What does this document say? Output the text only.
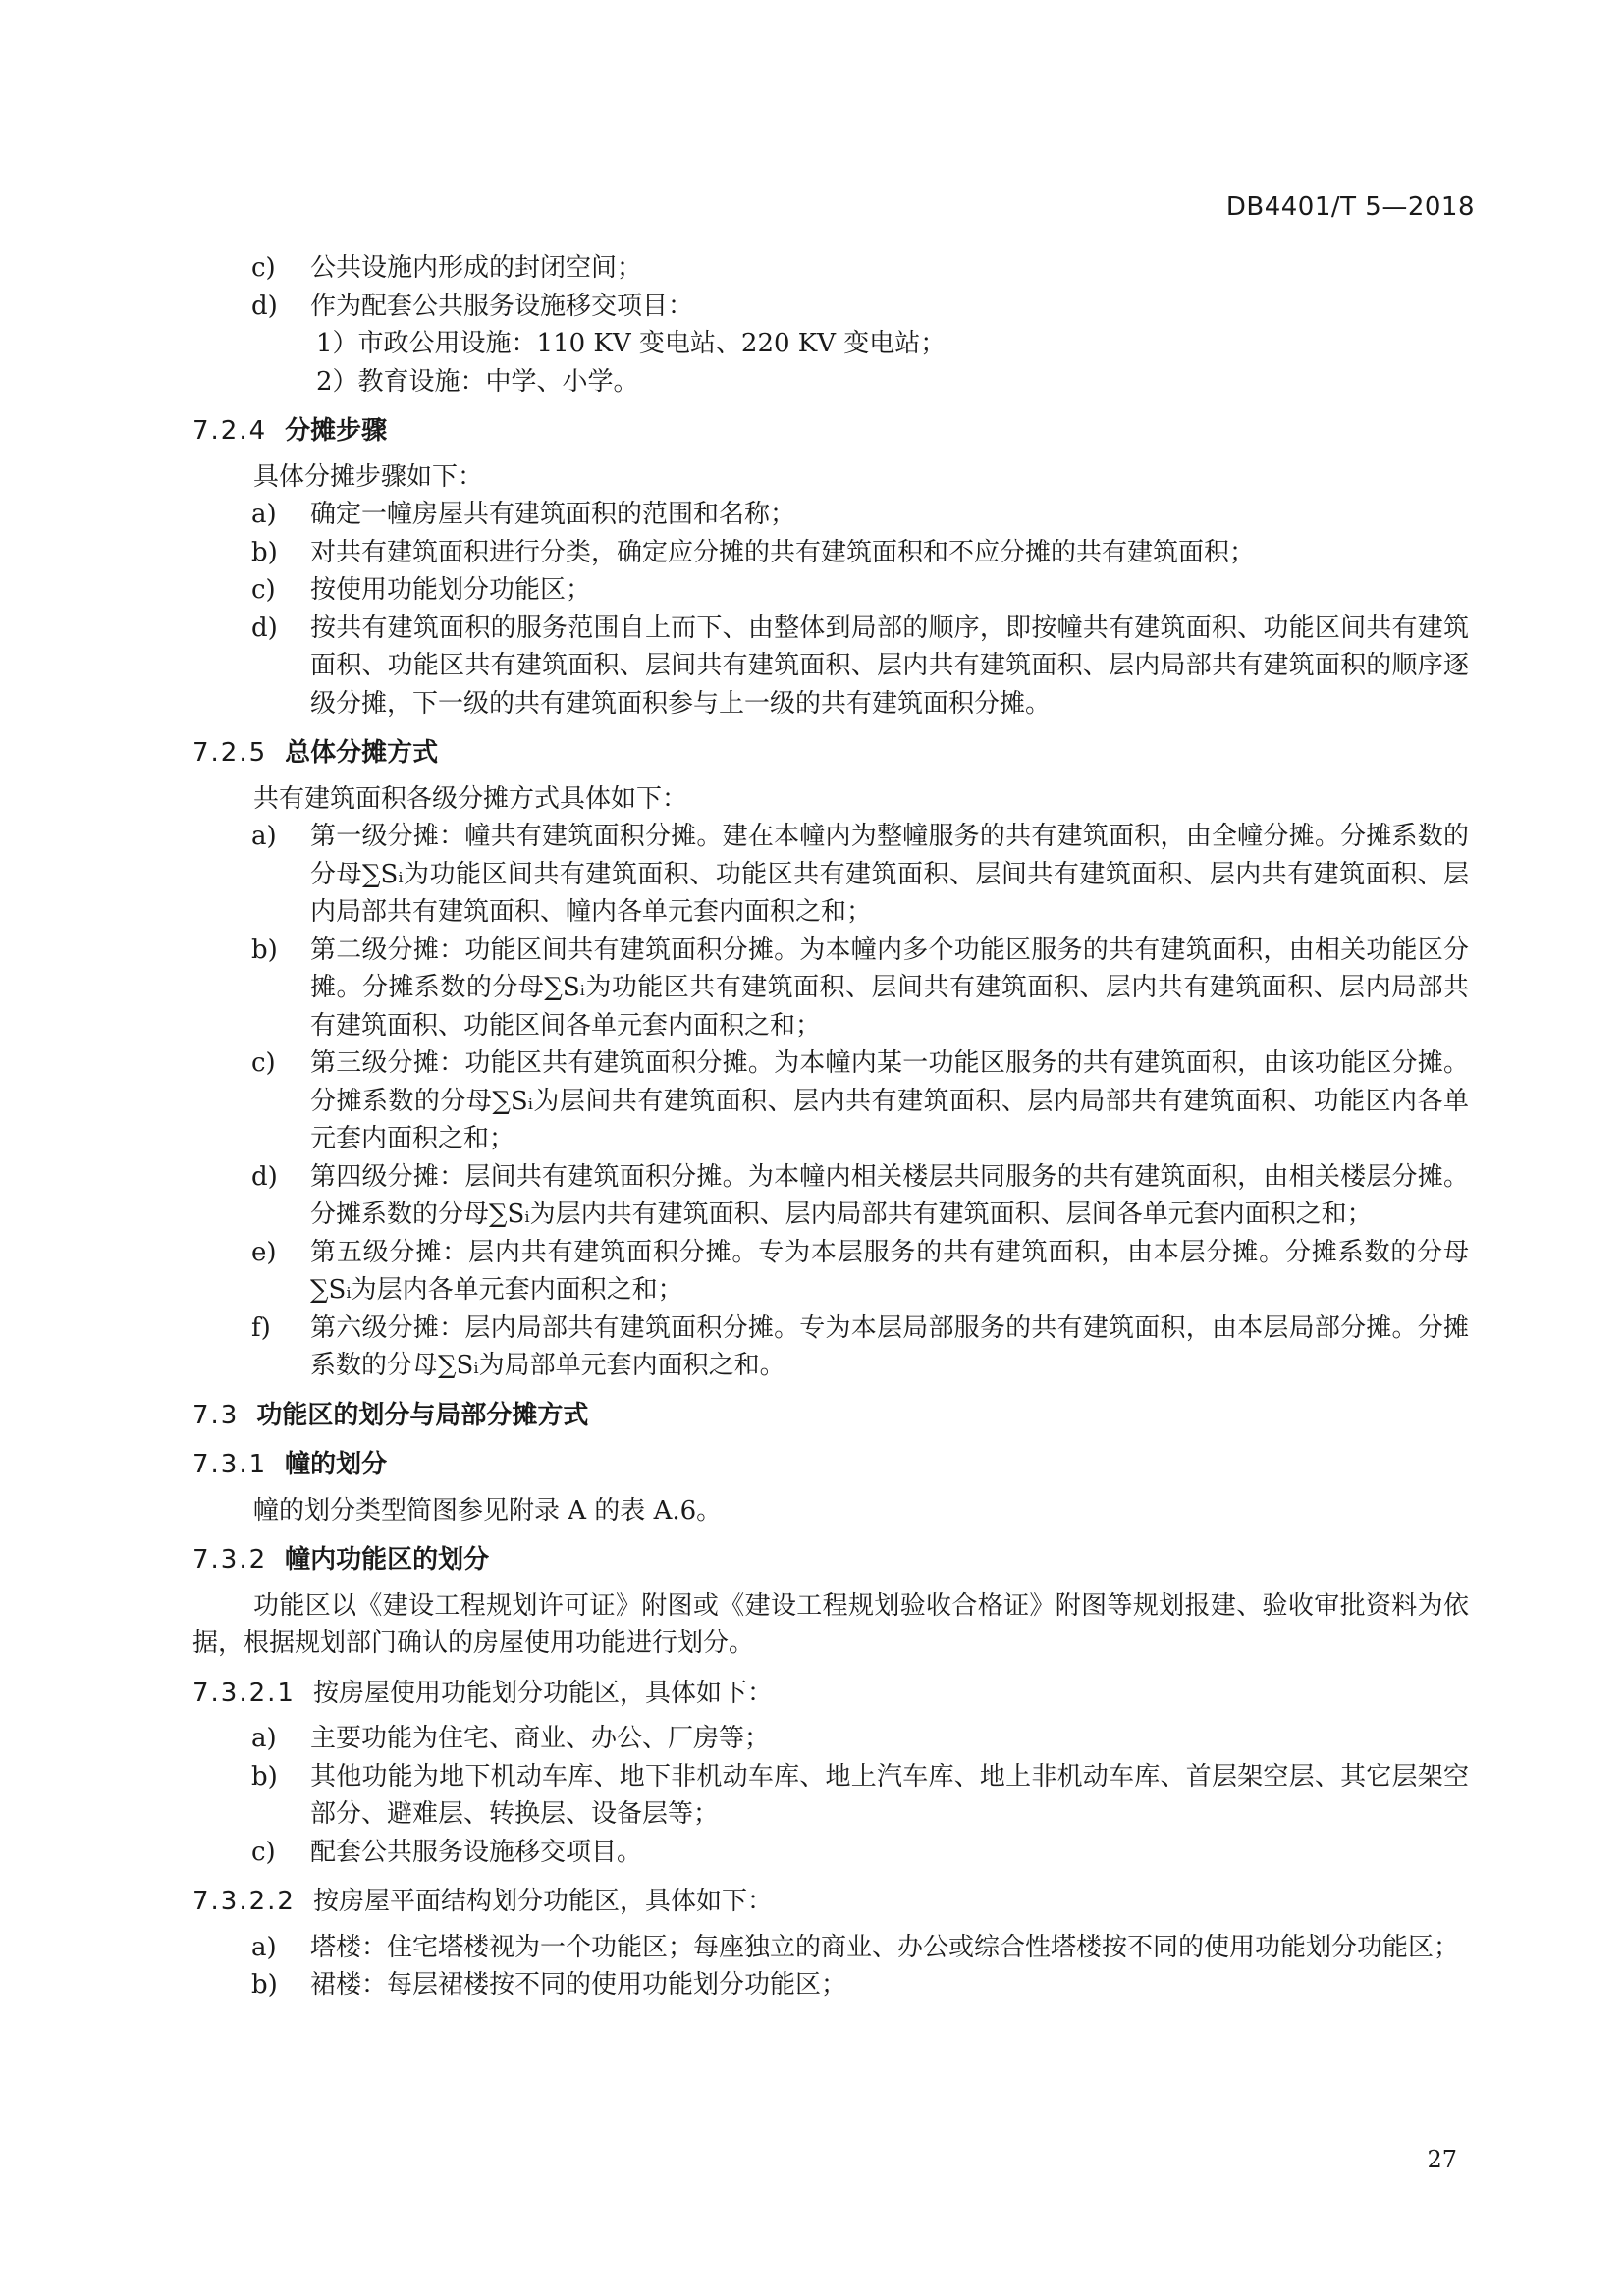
DB4401/T 5—2018
c)	公共设施内形成的封闭空间；
d)	作为配套公共服务设施移交项目：
1）市政公用设施：110 KV 变电站、220 KV 变电站；
2）教育设施：中学、小学。
7.2.4 分摊步骤
具体分摊步骤如下：
a)	确定一幢房屋共有建筑面积的范围和名称；
b)	对共有建筑面积进行分类，确定应分摊的共有建筑面积和不应分摊的共有建筑面积；
c)	按使用功能划分功能区；
d)	按共有建筑面积的服务范围自上而下、由整体到局部的顺序，即按幢共有建筑面积、功能区间共有建筑面积、功能区共有建筑面积、层间共有建筑面积、层内共有建筑面积、层内局部共有建筑面积的顺序逐级分摊，下一级的共有建筑面积参与上一级的共有建筑面积分摊。
7.2.5 总体分摊方式
共有建筑面积各级分摊方式具体如下：
a)	第一级分摊：幢共有建筑面积分摊。建在本幢内为整幢服务的共有建筑面积，由全幢分摊。分摊系数的分母∑Sᵢ为功能区间共有建筑面积、功能区共有建筑面积、层间共有建筑面积、层内共有建筑面积、层内局部共有建筑面积、幢内各单元套内面积之和；
b)	第二级分摊：功能区间共有建筑面积分摊。为本幢内多个功能区服务的共有建筑面积，由相关功能区分摊。分摊系数的分母∑Sᵢ为功能区共有建筑面积、层间共有建筑面积、层内共有建筑面积、层内局部共有建筑面积、功能区间各单元套内面积之和；
c)	第三级分摊：功能区共有建筑面积分摊。为本幢内某一功能区服务的共有建筑面积，由该功能区分摊。分摊系数的分母∑Sᵢ为层间共有建筑面积、层内共有建筑面积、层内局部共有建筑面积、功能区内各单元套内面积之和；
d)	第四级分摊：层间共有建筑面积分摊。为本幢内相关楼层共同服务的共有建筑面积，由相关楼层分摊。分摊系数的分母∑Sᵢ为层内共有建筑面积、层内局部共有建筑面积、层间各单元套内面积之和；
e)	第五级分摊：层内共有建筑面积分摊。专为本层服务的共有建筑面积，由本层分摊。分摊系数的分母∑Sᵢ为层内各单元套内面积之和；
f)	第六级分摊：层内局部共有建筑面积分摊。专为本层局部服务的共有建筑面积，由本层局部分摊。分摊系数的分母∑Sᵢ为局部单元套内面积之和。
7.3 功能区的划分与局部分摊方式
7.3.1 幢的划分
幢的划分类型简图参见附录 A 的表 A.6。
7.3.2 幢内功能区的划分
功能区以《建设工程规划许可证》附图或《建设工程规划验收合格证》附图等规划报建、验收审批资料为依据，根据规划部门确认的房屋使用功能进行划分。
7.3.2.1 按房屋使用功能划分功能区，具体如下：
a)	主要功能为住宅、商业、办公、厂房等；
b)	其他功能为地下机动车库、地下非机动车库、地上汽车库、地上非机动车库、首层架空层、其它层架空部分、避难层、转换层、设备层等；
c)	配套公共服务设施移交项目。
7.3.2.2 按房屋平面结构划分功能区，具体如下：
a)	塔楼：住宅塔楼视为一个功能区；每座独立的商业、办公或综合性塔楼按不同的使用功能划分功能区；
b)	裙楼：每层裙楼按不同的使用功能划分功能区；
27
